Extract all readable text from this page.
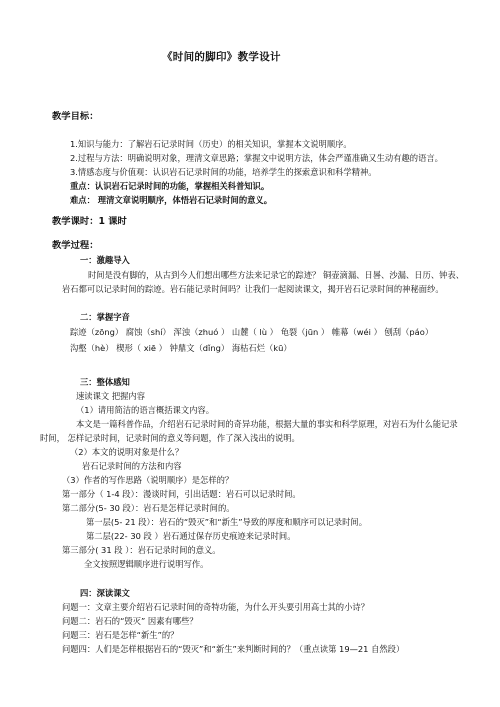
《时间的脚印》教学设计
教学目标：
1.知识与能力：了解岩石记录时间（历史）的相关知识，掌握本文说明顺序。
2.过程与方法：明确说明对象，理清文章思路；掌握文中说明方法，体会严谨准确又生动有趣的语言。
3.情感态度与价值观：认识岩石记录时间的功能，培养学生的探索意识和科学精神。
重点：认识岩石记录时间的功能，掌握相关科普知识。
难点： 理清文章说明顺序，体悟岩石记录时间的意义。
教学课时：1 课时
教学过程：
一：激趣导入
时间是没有脚的，从古到今人们想出哪些方法来记录它的踪迹？ 铜壶滴漏、日晷、沙漏、日历、钟表、
岩石都可以记录时间的踪迹。岩石能记录时间吗？让我们一起阅读课文，揭开岩石记录时间的神秘面纱。
二：掌握字音
踪迹（zōng） 腐蚀（shí） 浑浊（zhuó ） 山麓（ lù ） 龟裂（jūn ） 帷幕（wéi ） 刨刮（páo）
沟壑（hè） 楔形（ xiē ） 钟鼎文（dǐng） 海枯石烂（kū）
三：整体感知
速读课文 把握内容
（1）请用简洁的语言概括课文内容。
本文是一篇科普作品，介绍岩石记录时间的奇异功能，根据大量的事实和科学原理，对岩石为什么能记录
时间， 怎样记录时间，记录时间的意义等问题，作了深入浅出的说明。
（2）本文的说明对象是什么？
岩石记录时间的方法和内容
（3）作者的写作思路（说明顺序）是怎样的？
第一部分（ 1-4 段）：漫谈时间，引出话题：岩石可以记录时间。
第二部分(5- 30 段）：岩石是怎样记录时间的。
第一层(5- 21 段）：岩石的“毁灭”和“新生”导致的厚度和顺序可以记录时间。
第二层(22- 30 段 ）岩石通过保存历史痕迹来记录时间。
第三部分( 31 段 ）：岩石记录时间的意义。
全文按照逻辑顺序进行说明写作。
四：深读课文
问题一：文章主要介绍岩石记录时间的奇特功能，为什么开头要引用高士其的小诗？
问题二：岩石的“毁灭” 因素有哪些？
问题三：岩石是怎样“新生”的？
问题四：人们是怎样根据岩石的“毁灭”和“新生”来判断时间的？（重点读第 19—21 自然段）
